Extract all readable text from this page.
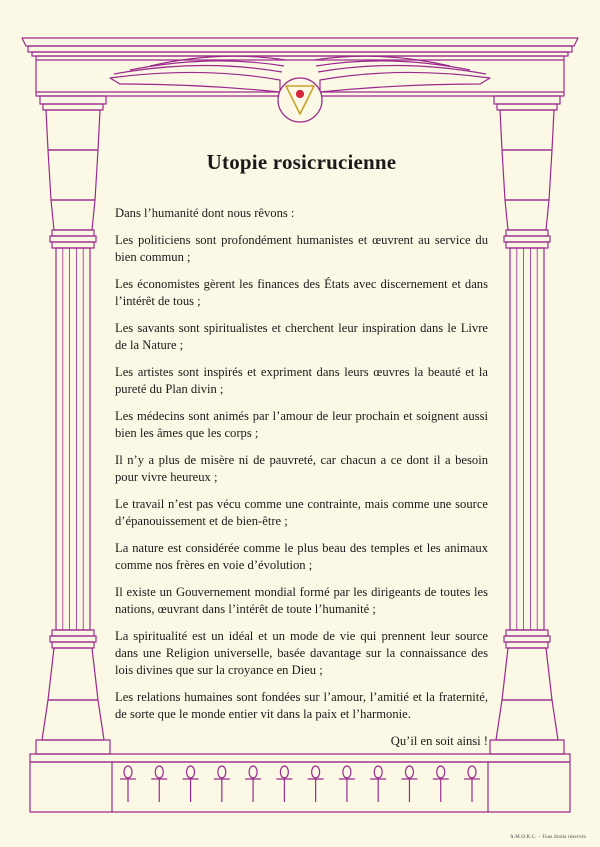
Utopie rosicrucienne

Dans l’humanité dont nous rêvons :

Les politiciens sont profondément humanistes et œuvrent au service du bien commun ;

Les économistes gèrent les finances des États avec discernement et dans l’intérêt de tous ;

Les savants sont spiritualistes et cherchent leur inspiration dans le Livre de la Nature ;

Les artistes sont inspirés et expriment dans leurs œuvres la beauté et la pureté du Plan divin ;

Les médecins sont animés par l’amour de leur prochain et soignent aussi bien les âmes que les corps ;

Il n’y a plus de misère ni de pauvreté, car chacun a ce dont il a besoin pour vivre heureux ;

Le travail n’est pas vécu comme une contrainte, mais comme une source d’épanouissement et de bien-être ;

La nature est considérée comme le plus beau des temples et les animaux comme nos frères en voie d’évolution ;

Il existe un Gouvernement mondial formé par les dirigeants de toutes les nations, œuvrant dans l’intérêt de toute l’humanité ;

La spiritualité est un idéal et un mode de vie qui prennent leur source dans une Religion universelle, basée davantage sur la connaissance des lois divines que sur la croyance en Dieu ;

Les relations humaines sont fondées sur l’amour, l’amitié et la fraternité, de sorte que le monde entier vit dans la paix et l’harmonie.

Qu’il en soit ainsi !

A.M.O.R.C. – Tous droits réservés
